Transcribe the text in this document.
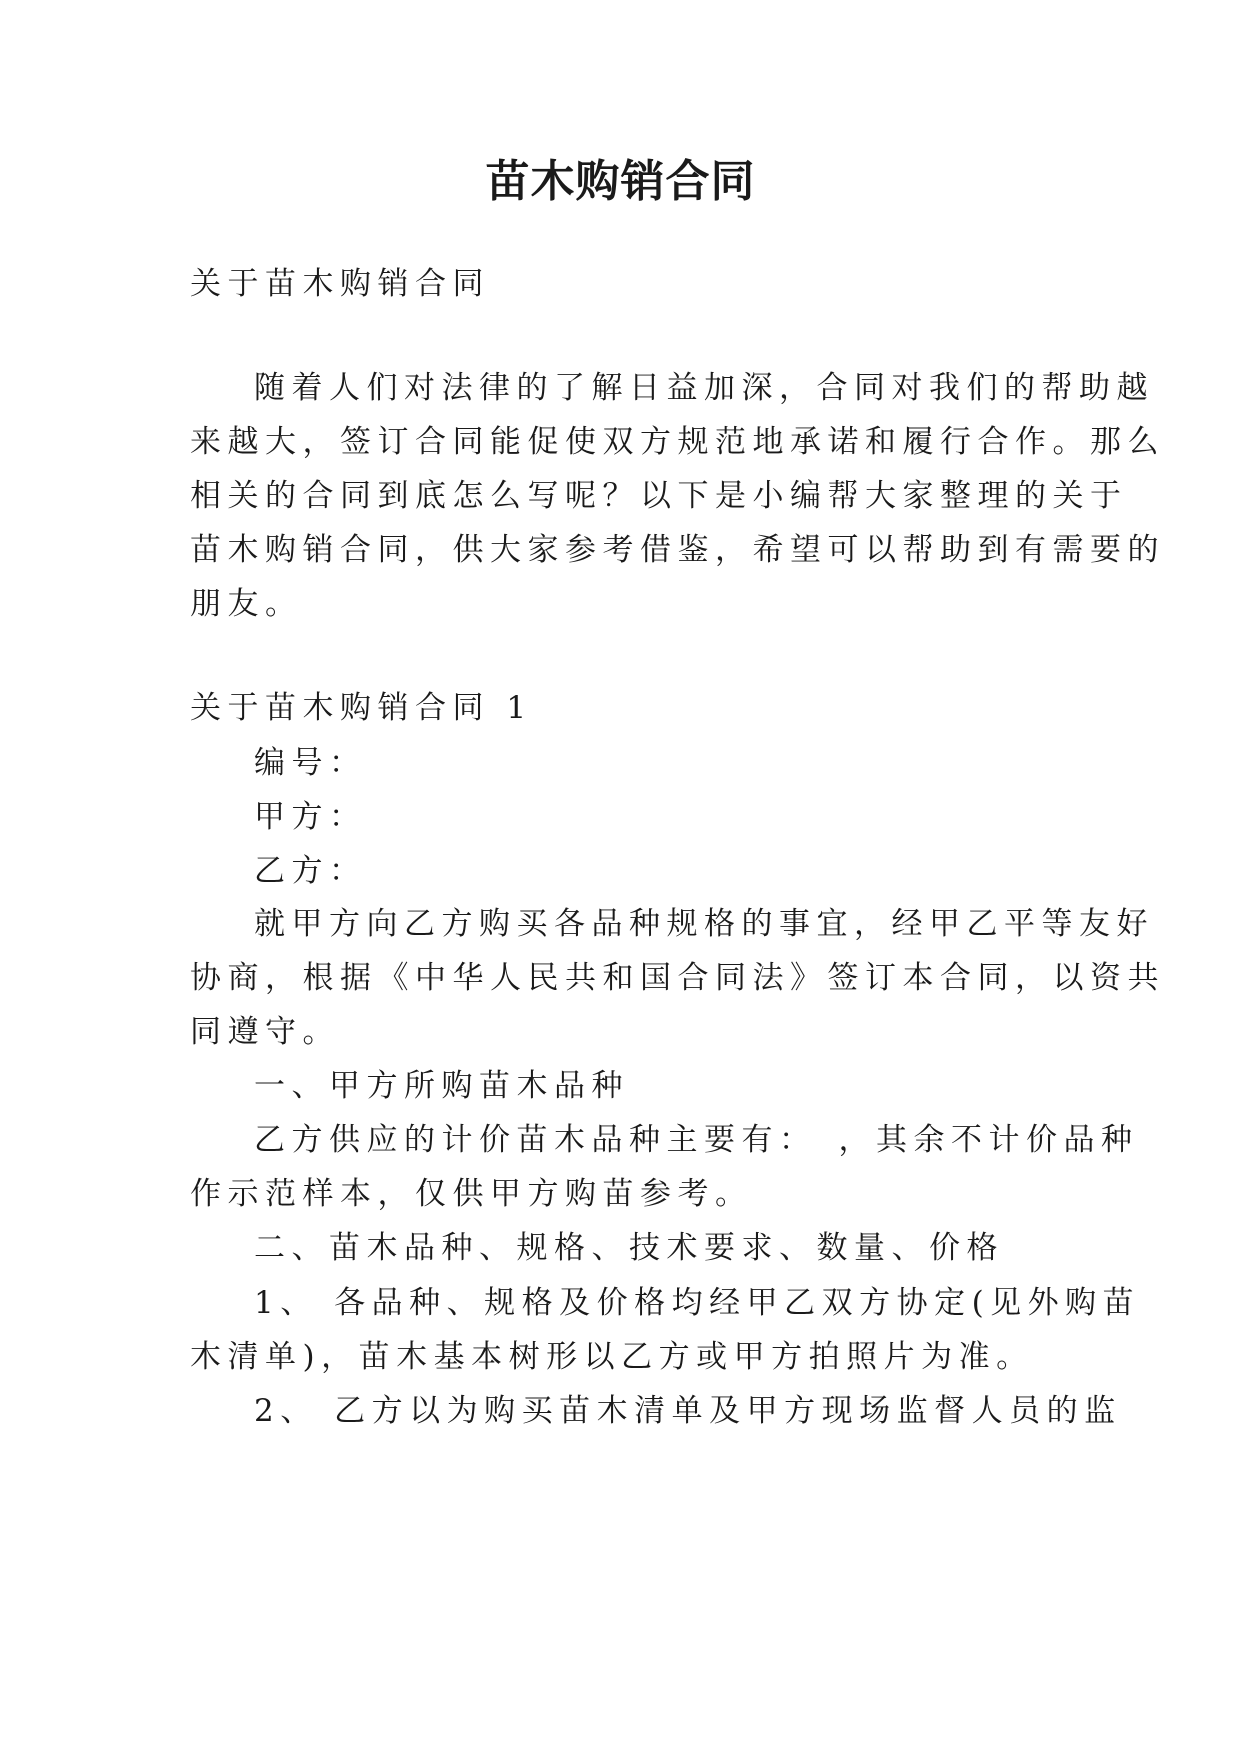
苗木购销合同
关于苗木购销合同
随着人们对法律的了解日益加深，合同对我们的帮助越
来越大，签订合同能促使双方规范地承诺和履行合作。那么
相关的合同到底怎么写呢？以下是小编帮大家整理的关于
苗木购销合同，供大家参考借鉴，希望可以帮助到有需要的
朋友。
关于苗木购销合同 1
编号：
甲方：
乙方：
就甲方向乙方购买各品种规格的事宜，经甲乙平等友好
协商，根据《中华人民共和国合同法》签订本合同，以资共
同遵守。
一、甲方所购苗木品种
乙方供应的计价苗木品种主要有：　，其余不计价品种
作示范样本，仅供甲方购苗参考。
二、苗木品种、规格、技术要求、数量、价格
1、 各品种、规格及价格均经甲乙双方协定(见外购苗
木清单)，苗木基本树形以乙方或甲方拍照片为准。
2、 乙方以为购买苗木清单及甲方现场监督人员的监
